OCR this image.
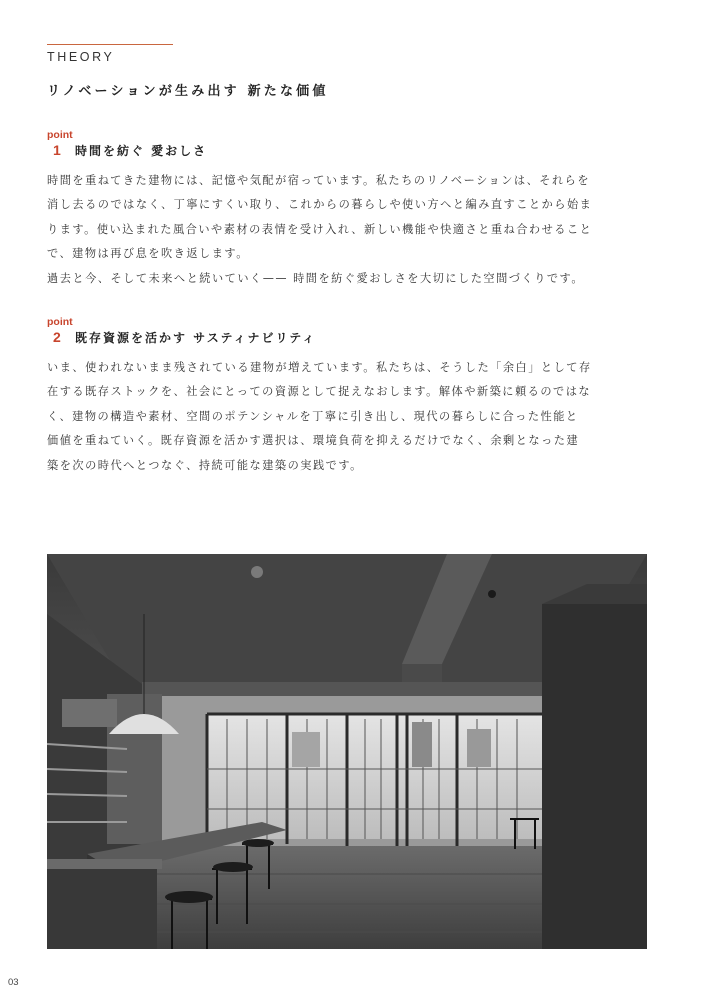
THEORY
リノベーションが生み出す 新たな価値
point
1	時間を紡ぐ 愛おしさ

時間を重ねてきた建物には、記憶や気配が宿っています。私たちのリノベーションは、それらを

消し去るのではなく、丁寧にすくい取り、これからの暮らしや使い方へと編み直すことから始ま

ります。使い込まれた風合いや素材の表情を受け入れ、新しい機能や快適さと重ね合わせること

で、建物は再び息を吹き返します。

過去と今、そして未来へと続いていく—— 時間を紡ぐ愛おしさを大切にした空間づくりです。

point
2	既存資源を活かす サスティナビリティ

いま、使われないまま残されている建物が増えています。私たちは、そうした「余白」として存

在する既存ストックを、社会にとっての資源として捉えなおします。解体や新築に頼るのではな

く、建物の構造や素材、空間のポテンシャルを丁寧に引き出し、現代の暮らしに合った性能と

価値を重ねていく。既存資源を活かす選択は、環境負荷を抑えるだけでなく、余剰となった建

築を次の時代へとつなぐ、持続可能な建築の実践です。

03
